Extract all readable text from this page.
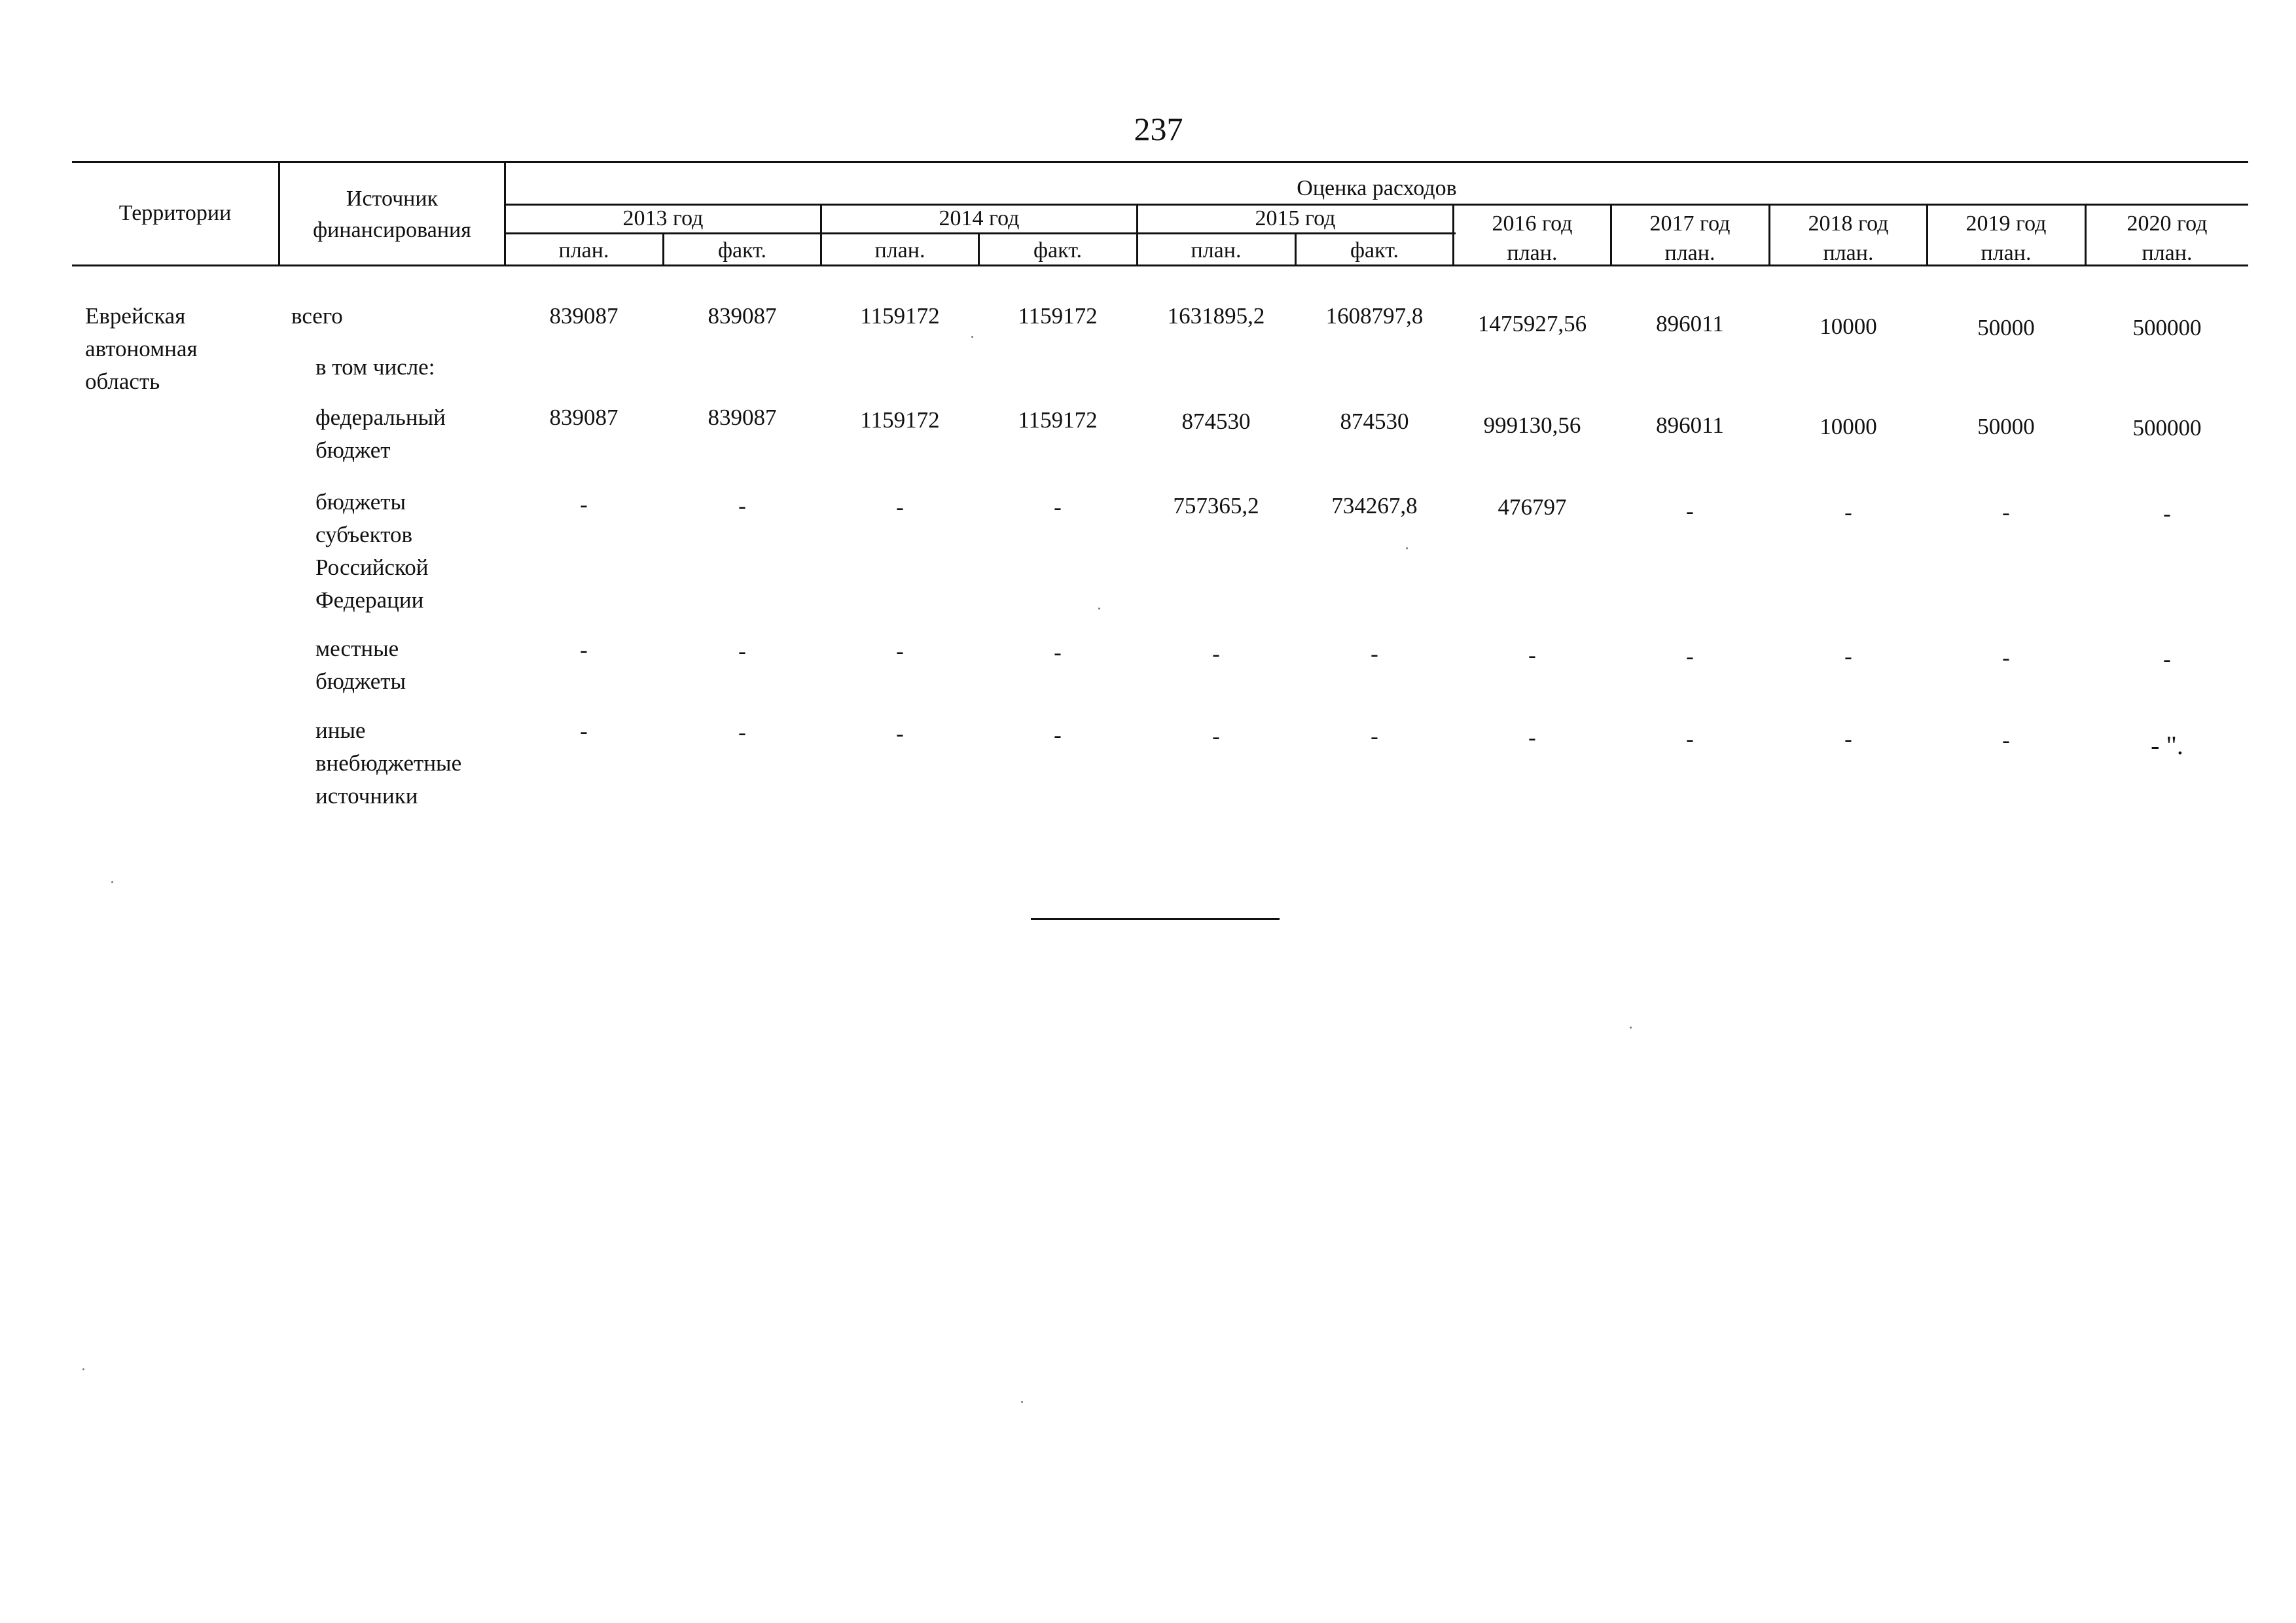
237
Территории
Источник
финансирования
Оценка расходов
2013 год	2014 год	2015 год	2016 год	2017 год	2018 год	2019 год	2020 год
план.	факт.	план.	факт.	план.	факт.	план.	план.	план.	план.	план.
Еврейская
автономная
область
всего	839087	839087	1159172	1159172	1631895,2	1608797,8	1475927,56	896011	10000	50000	500000
в том числе:
федеральный
бюджет
839087	839087	1159172	1159172	874530	874530	999130,56	896011	10000	50000	500000
бюджеты
субъектов
Российской
Федерации
-	-	-	-	757365,2	734267,8	476797	-	-	-	-
местные
бюджеты
-	-	-	-	-	-	-	-	-	-	-
иные
внебюджетные
источники
-	-	-	-	-	-	-	-	-	-	- ".
